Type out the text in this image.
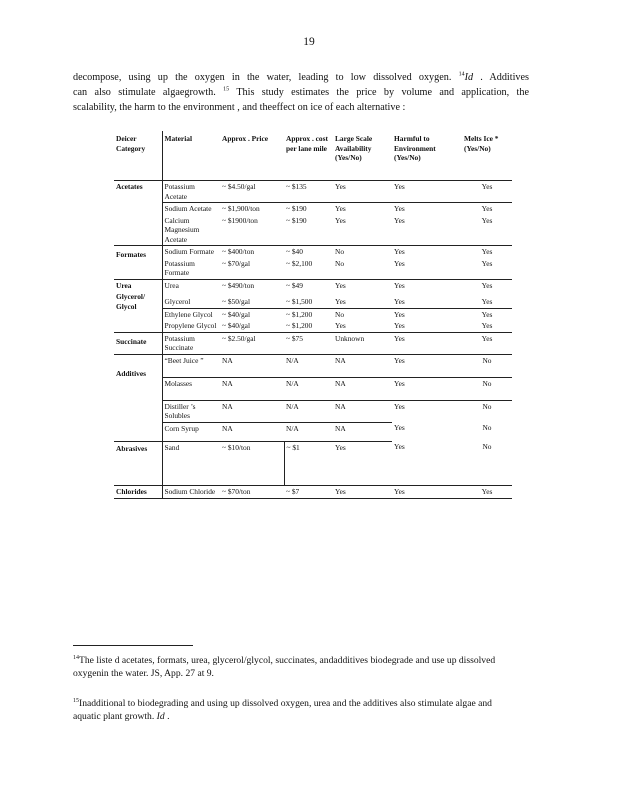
19
decompose, using up the oxygen in the water, leading to low dissolved oxygen. $^{14}$Id . Additives
can also stimulate algaegrowth. $^{15}$ This study estimates the price by volume and application, the
scalability, the harm to the environment , and theeffect on ice of each alternative :
Deicer Category	Material	Approx . Price	Approx . cost per lane mile	Large Scale Availability (Yes/No)	Harmful to Environment (Yes/No)	Melts Ice * (Yes/No)
Acetates	Potassium Acetate	~ $4.50/gal	~ $135	Yes	Yes	Yes
	Sodium Acetate	~ $1,900/ton	~ $190	Yes	Yes	Yes
	Calcium Magnesium Acetate	~ $1900/ton	~ $190	Yes	Yes	Yes
Formates	Sodium Formate	~ $400/ton	~ $40	No	Yes	Yes
	Potassium Formate	~ $70/gal	~ $2,100	No	Yes	Yes
Urea	Urea	~ $490/ton	~ $49	Yes	Yes	Yes
Glycerol/ Glycol	Glycerol	~ $50/gal	~ $1,500	Yes	Yes	Yes
	Ethylene Glycol	~ $40/gal	~ $1,200	No	Yes	Yes
	Propylene Glycol	~ $40/gal	~ $1,200	Yes	Yes	Yes
Succinate	Potassium Succinate	~ $2.50/gal	~ $75	Unknown	Yes	Yes
Additives	“Beet Juice ”	NA	N/A	NA	Yes	No
	Molasses	NA	N/A	NA	Yes	No
	Distiller ’s Solubles	NA	N/A	NA	Yes	No
	Corn Syrup	NA	N/A	NA	Yes	No
Abrasives	Sand	~ $10/ton	~ $1	Yes	Yes	No
Chlorides	Sodium Chloride	~ $70/ton	~ $7	Yes	Yes	Yes
$^{14}$The liste d acetates, formats, urea, glycerol/glycol, succinates, andadditives biodegrade and use up dissolved oxygenin the water. JS, App. 27 at 9.
$^{15}$Inadditional to biodegrading and using up dissolved oxygen, urea and the additives also stimulate algae and aquatic plant growth. Id .
